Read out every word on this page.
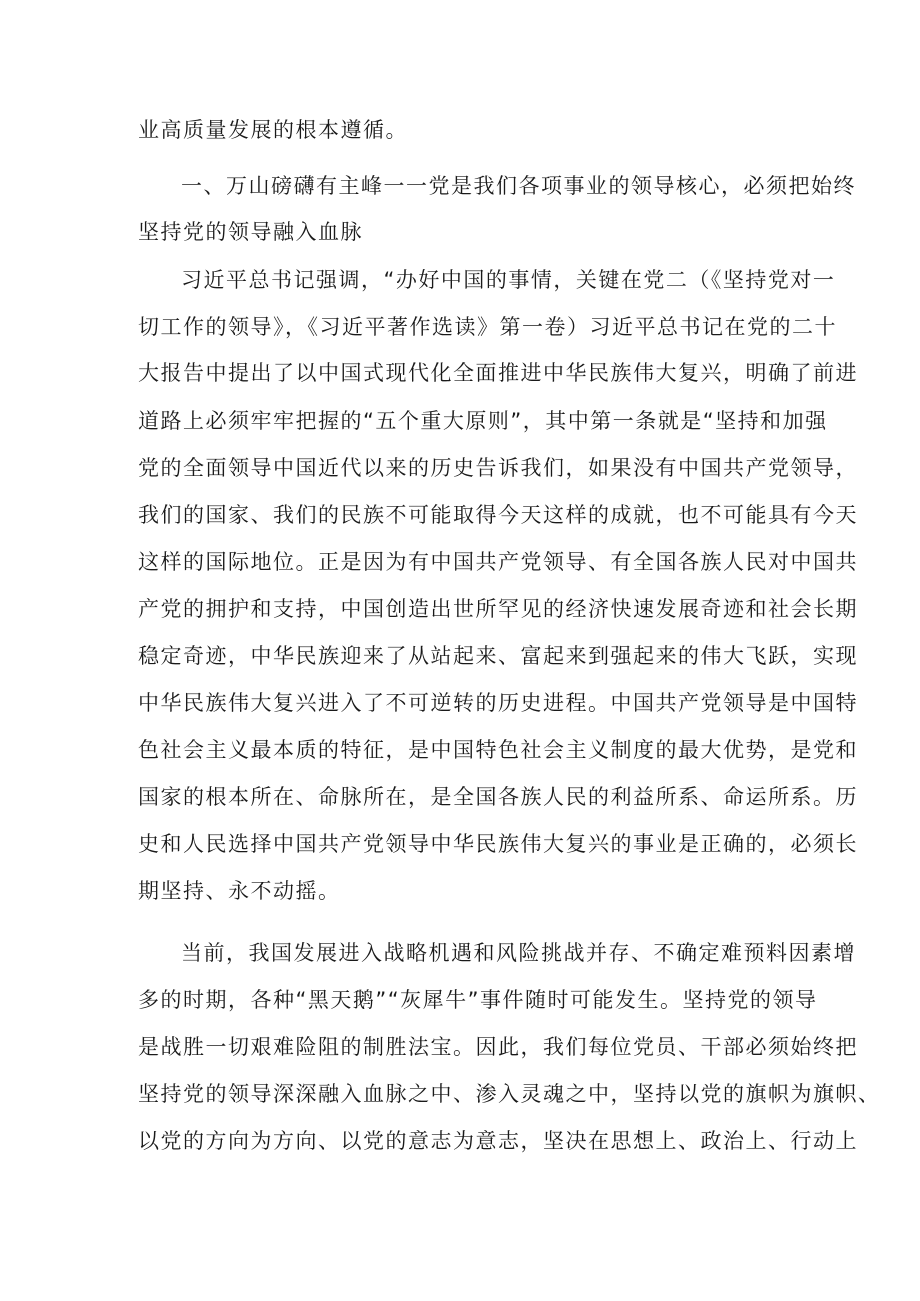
业高质量发展的根本遵循。
一、万山磅礴有主峰一一党是我们各项事业的领导核心，必须把始终
坚持党的领导融入血脉
习近平总书记强调，“办好中国的事情，关键在党二（《坚持党对一
切工作的领导》，《习近平著作选读》第一卷）习近平总书记在党的二十
大报告中提出了以中国式现代化全面推进中华民族伟大复兴，明确了前进
道路上必须牢牢把握的“五个重大原则”，其中第一条就是“坚持和加强
党的全面领导中国近代以来的历史告诉我们，如果没有中国共产党领导，
我们的国家、我们的民族不可能取得今天这样的成就，也不可能具有今天
这样的国际地位。正是因为有中国共产党领导、有全国各族人民对中国共
产党的拥护和支持，中国创造出世所罕见的经济快速发展奇迹和社会长期
稳定奇迹，中华民族迎来了从站起来、富起来到强起来的伟大飞跃，实现
中华民族伟大复兴进入了不可逆转的历史进程。中国共产党领导是中国特
色社会主义最本质的特征，是中国特色社会主义制度的最大优势，是党和
国家的根本所在、命脉所在，是全国各族人民的利益所系、命运所系。历
史和人民选择中国共产党领导中华民族伟大复兴的事业是正确的，必须长
期坚持、永不动摇。
当前，我国发展进入战略机遇和风险挑战并存、不确定难预料因素增
多的时期，各种“黑天鹅”“灰犀牛”事件随时可能发生。坚持党的领导
是战胜一切艰难险阻的制胜法宝。因此，我们每位党员、干部必须始终把
坚持党的领导深深融入血脉之中、渗入灵魂之中，坚持以党的旗帜为旗帜、
以党的方向为方向、以党的意志为意志，坚决在思想上、政治上、行动上
